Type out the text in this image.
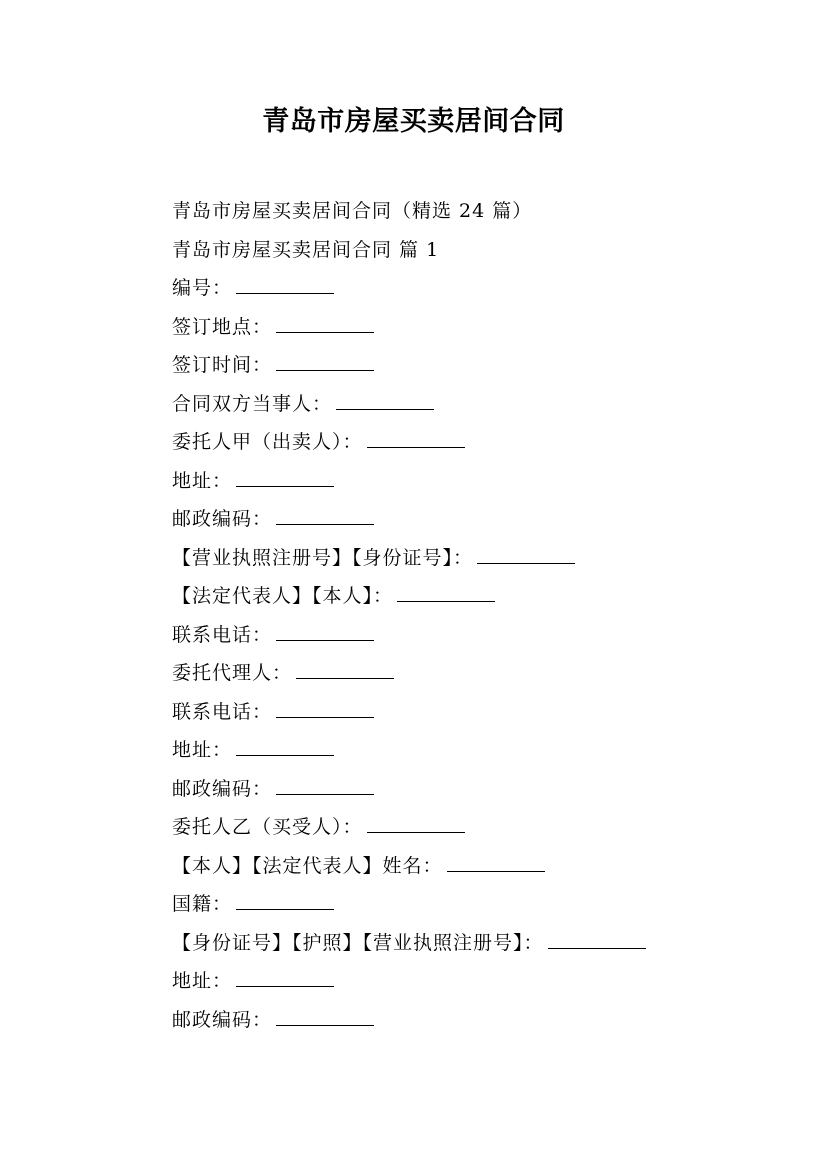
青岛市房屋买卖居间合同
青岛市房屋买卖居间合同（精选 24 篇）
青岛市房屋买卖居间合同 篇 1
编号：
签订地点：
签订时间：
合同双方当事人：
委托人甲（出卖人）：
地址：
邮政编码：
【营业执照注册号】【身份证号】：
【法定代表人】【本人】：
联系电话：
委托代理人：
联系电话：
地址：
邮政编码：
委托人乙（买受人）：
【本人】【法定代表人】姓名：
国籍：
【身份证号】【护照】【营业执照注册号】：
地址：
邮政编码：
